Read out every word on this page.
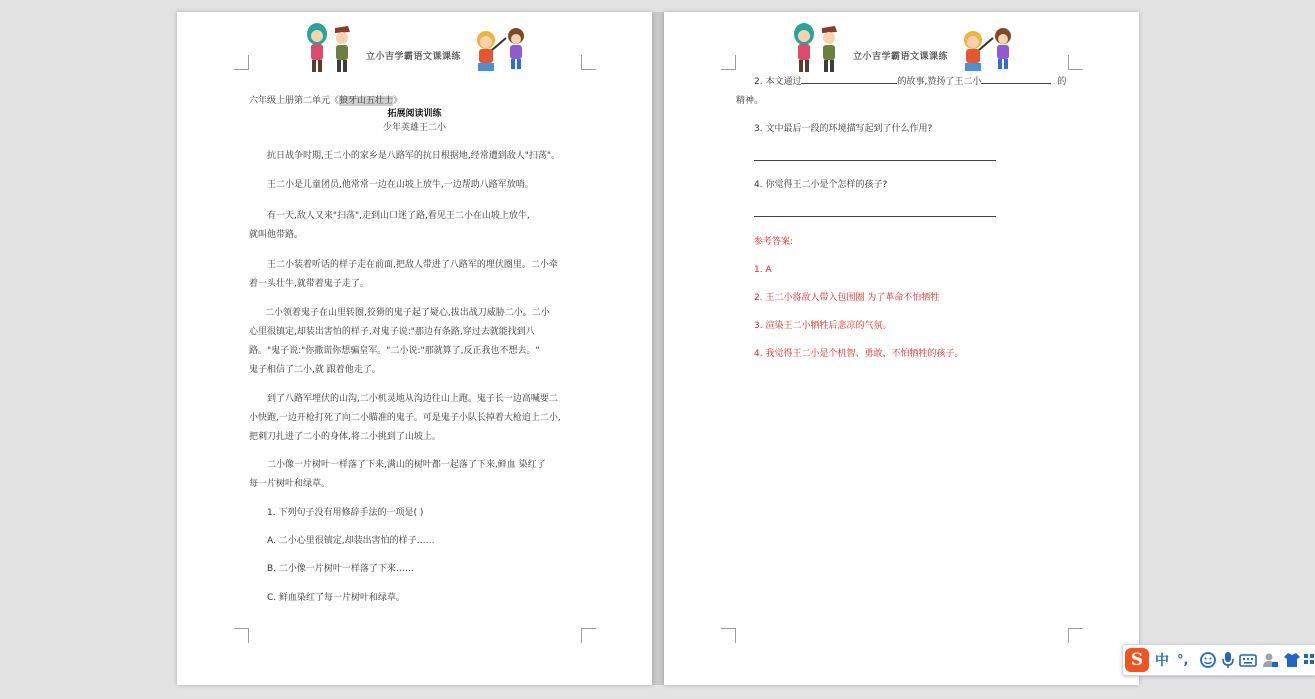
立小吉学霸语文课课练
六年级上册第二单元《狼牙山五壮士》
拓展阅读训练
少年英雄王二小
抗日战争时期,王二小的家乡是八路军的抗日根据地,经常遭到敌人"扫荡"。
王二小是儿童团员,他常常一边在山坡上放牛,一边帮助八路军放哨。
有一天,敌人又来"扫荡",走到山口迷了路,看见王二小在山坡上放牛,
就叫他带路。
王二小装着听话的样子走在前面,把敌人带进了八路军的埋伏圈里。二小牵
着一头壮牛,就带着鬼子走了。
二小领着鬼子在山里转圈,狡猾的鬼子起了疑心,拔出战刀威胁二小。二小
心里很镇定,却装出害怕的样子,对鬼子说:"那边有条路,穿过去就能找到八
路。"鬼子说:"你撒谎你想骗皇军。"二小说:"那就算了,反正我也不想去。"
鬼子相信了二小,就 跟着他走了。
到了八路军埋伏的山沟,二小机灵地从沟边往山上跑。鬼子长一边高喊要二
小快跑,一边开枪打死了向二小瞄准的鬼子。可是鬼子小队长掉着大枪追上二小,
把刺刀扎进了二小的身体,将二小挑到了山坡上。
二小像一片树叶一样落了下来,满山的树叶都一起落了下来,鲜血 染红了
每一片树叶和绿草。
1. 下列句子没有用修辞手法的一项是( )
A. 二小心里很镇定,却装出害怕的样子……
B. 二小像一片树叶一样落了下来……
C. 鲜血染红了每一片树叶和绿草。
立小吉学霸语文课课练
2. 本文通过	的故事,赞扬了王二小	的
精神。
3. 文中最后一段的环境描写起到了什么作用?
4. 你觉得王二小是个怎样的孩子?
参考答案:
1. A
2. 王二小将敌人带入包围圈 为了革命不怕牺牲
3. 渲染王二小牺牲后悲凉的气氛。
4. 我觉得王二小是个机智、勇敢、不怕牺牲的孩子。
S 中 °,
